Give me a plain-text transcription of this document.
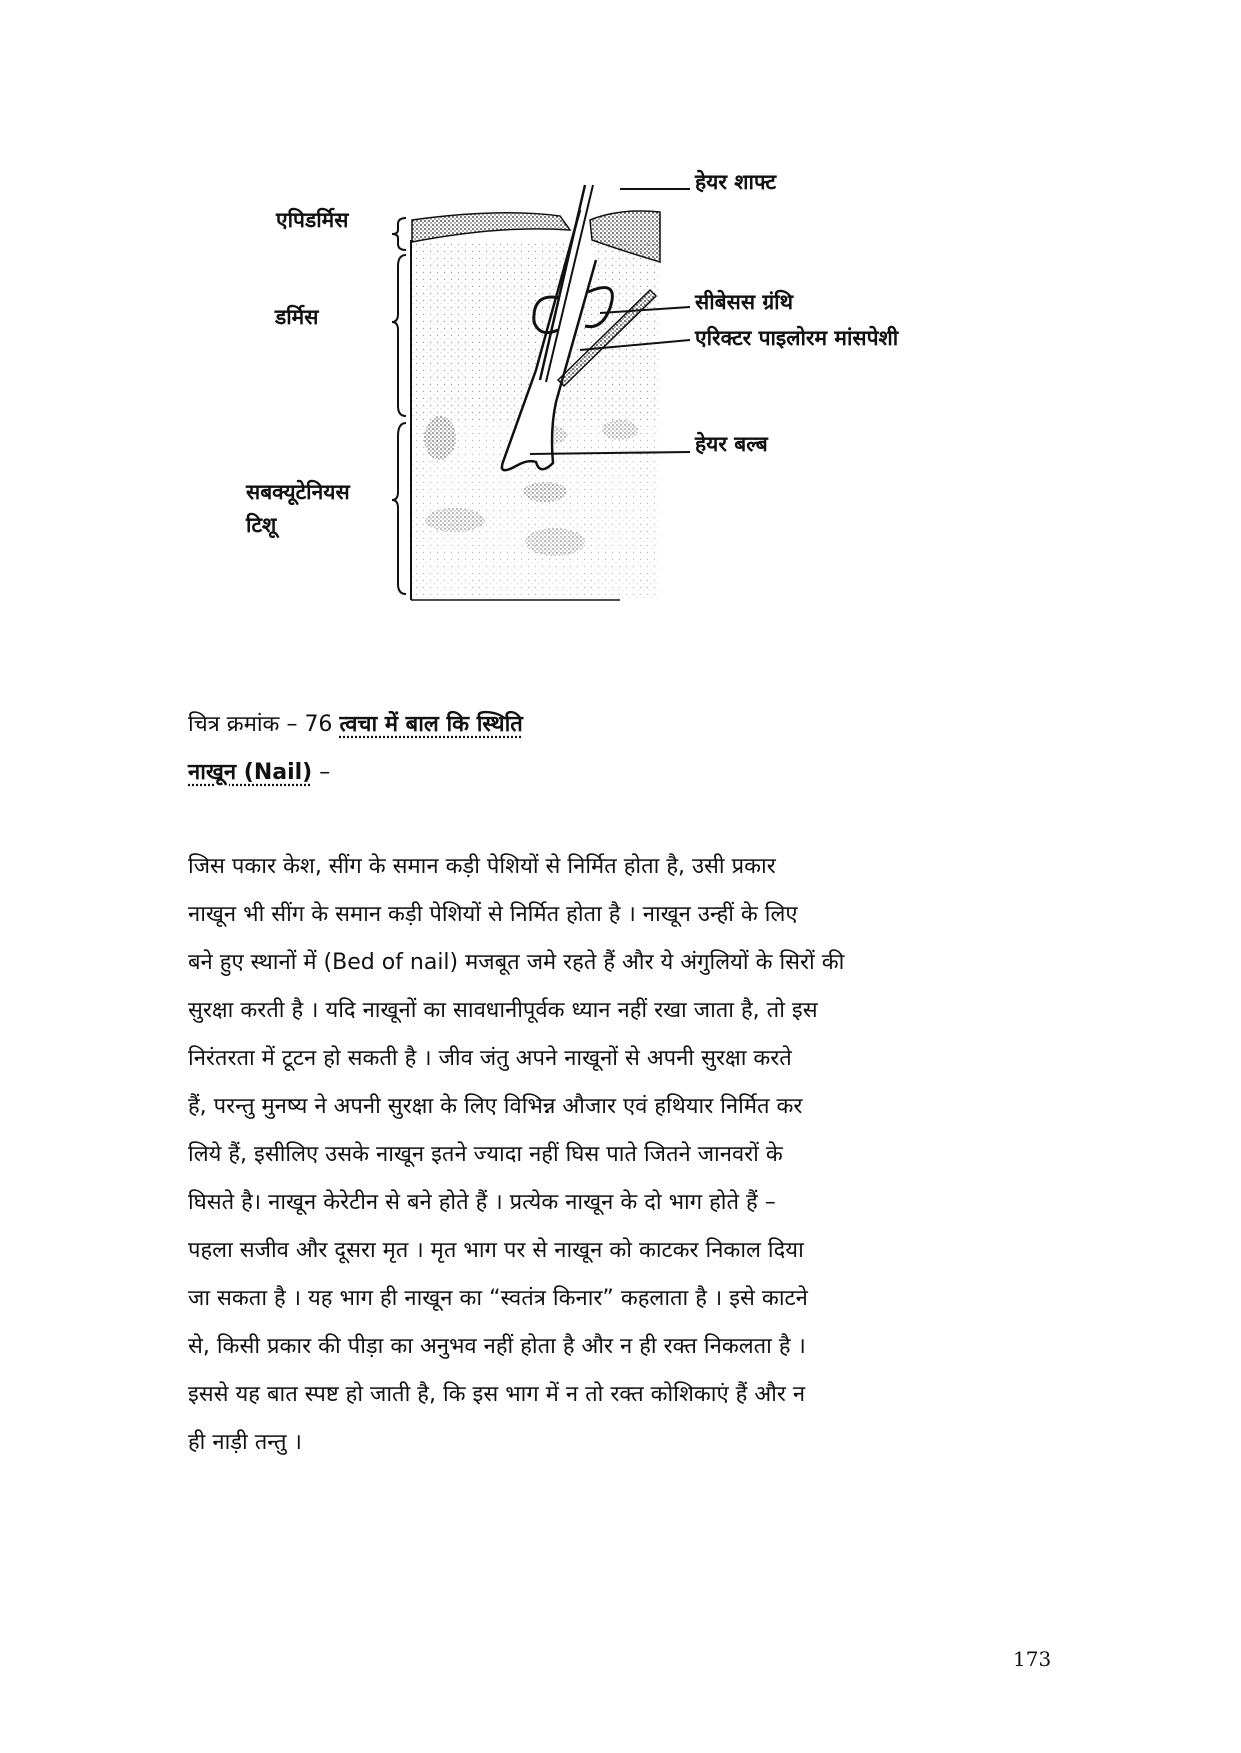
हेयर शाफ्ट
एपिडर्मिस
डर्मिस
सीबेसस ग्रंथि
एरिक्टर पाइलोरम मांसपेशी
हेयर बल्ब
सबक्यूटेनियस
टिशू
चित्र क्रमांक – 76 त्वचा में बाल कि स्थिति
नाखून (Nail) –
जिस पकार केश, सींग के समान कड़ी पेशियों से निर्मित होता है, उसी प्रकार
नाखून भी सींग के समान कड़ी पेशियों से निर्मित होता है । नाखून उन्हीं के लिए
बने हुए स्थानों में (Bed of nail) मजबूत जमे रहते हैं और ये अंगुलियों के सिरों की
सुरक्षा करती है । यदि नाखूनों का सावधानीपूर्वक ध्यान नहीं रखा जाता है, तो इस
निरंतरता में टूटन हो सकती है । जीव जंतु अपने नाखूनों से अपनी सुरक्षा करते
हैं, परन्तु मुनष्य ने अपनी सुरक्षा के लिए विभिन्न औजार एवं हथियार निर्मित कर
लिये हैं, इसीलिए उसके नाखून इतने ज्यादा नहीं घिस पाते जितने जानवरों के
घिसते है। नाखून केरेटीन से बने होते हैं । प्रत्येक नाखून के दो भाग होते हैं –
पहला सजीव और दूसरा मृत । मृत भाग पर से नाखून को काटकर निकाल दिया
जा सकता है । यह भाग ही नाखून का “स्वतंत्र किनार” कहलाता है । इसे काटने
से, किसी प्रकार की पीड़ा का अनुभव नहीं होता है और न ही रक्त निकलता है ।
इससे यह बात स्पष्ट हो जाती है, कि इस भाग में न तो रक्त कोशिकाएं हैं और न
ही नाड़ी तन्तु ।
173
